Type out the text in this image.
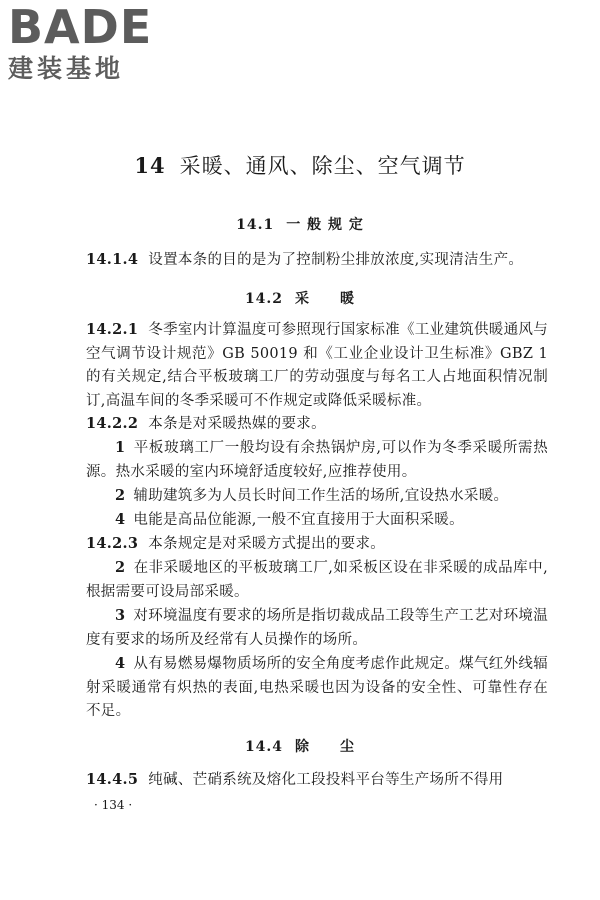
BADE
建装基地
14 采暖、通风、除尘、空气调节
14.1 一 般 规 定
14.1.4 设置本条的目的是为了控制粉尘排放浓度,实现清洁生产。
14.2 采　　暖
14.2.1 冬季室内计算温度可参照现行国家标准《工业建筑供暖通风与空气调节设计规范》GB 50019 和《工业企业设计卫生标准》GBZ 1 的有关规定,结合平板玻璃工厂的劳动强度与每名工人占地面积情况制订,高温车间的冬季采暖可不作规定或降低采暖标准。
14.2.2 本条是对采暖热媒的要求。
1 平板玻璃工厂一般均设有余热锅炉房,可以作为冬季采暖所需热源。热水采暖的室内环境舒适度较好,应推荐使用。
2 辅助建筑多为人员长时间工作生活的场所,宜设热水采暖。
4 电能是高品位能源,一般不宜直接用于大面积采暖。
14.2.3 本条规定是对采暖方式提出的要求。
2 在非采暖地区的平板玻璃工厂,如采板区设在非采暖的成品库中,根据需要可设局部采暖。
3 对环境温度有要求的场所是指切裁成品工段等生产工艺对环境温度有要求的场所及经常有人员操作的场所。
4 从有易燃易爆物质场所的安全角度考虑作此规定。煤气红外线辐射采暖通常有炽热的表面,电热采暖也因为设备的安全性、可靠性存在不足。
14.4 除　　尘
14.4.5 纯碱、芒硝系统及熔化工段投料平台等生产场所不得用
· 134 ·
